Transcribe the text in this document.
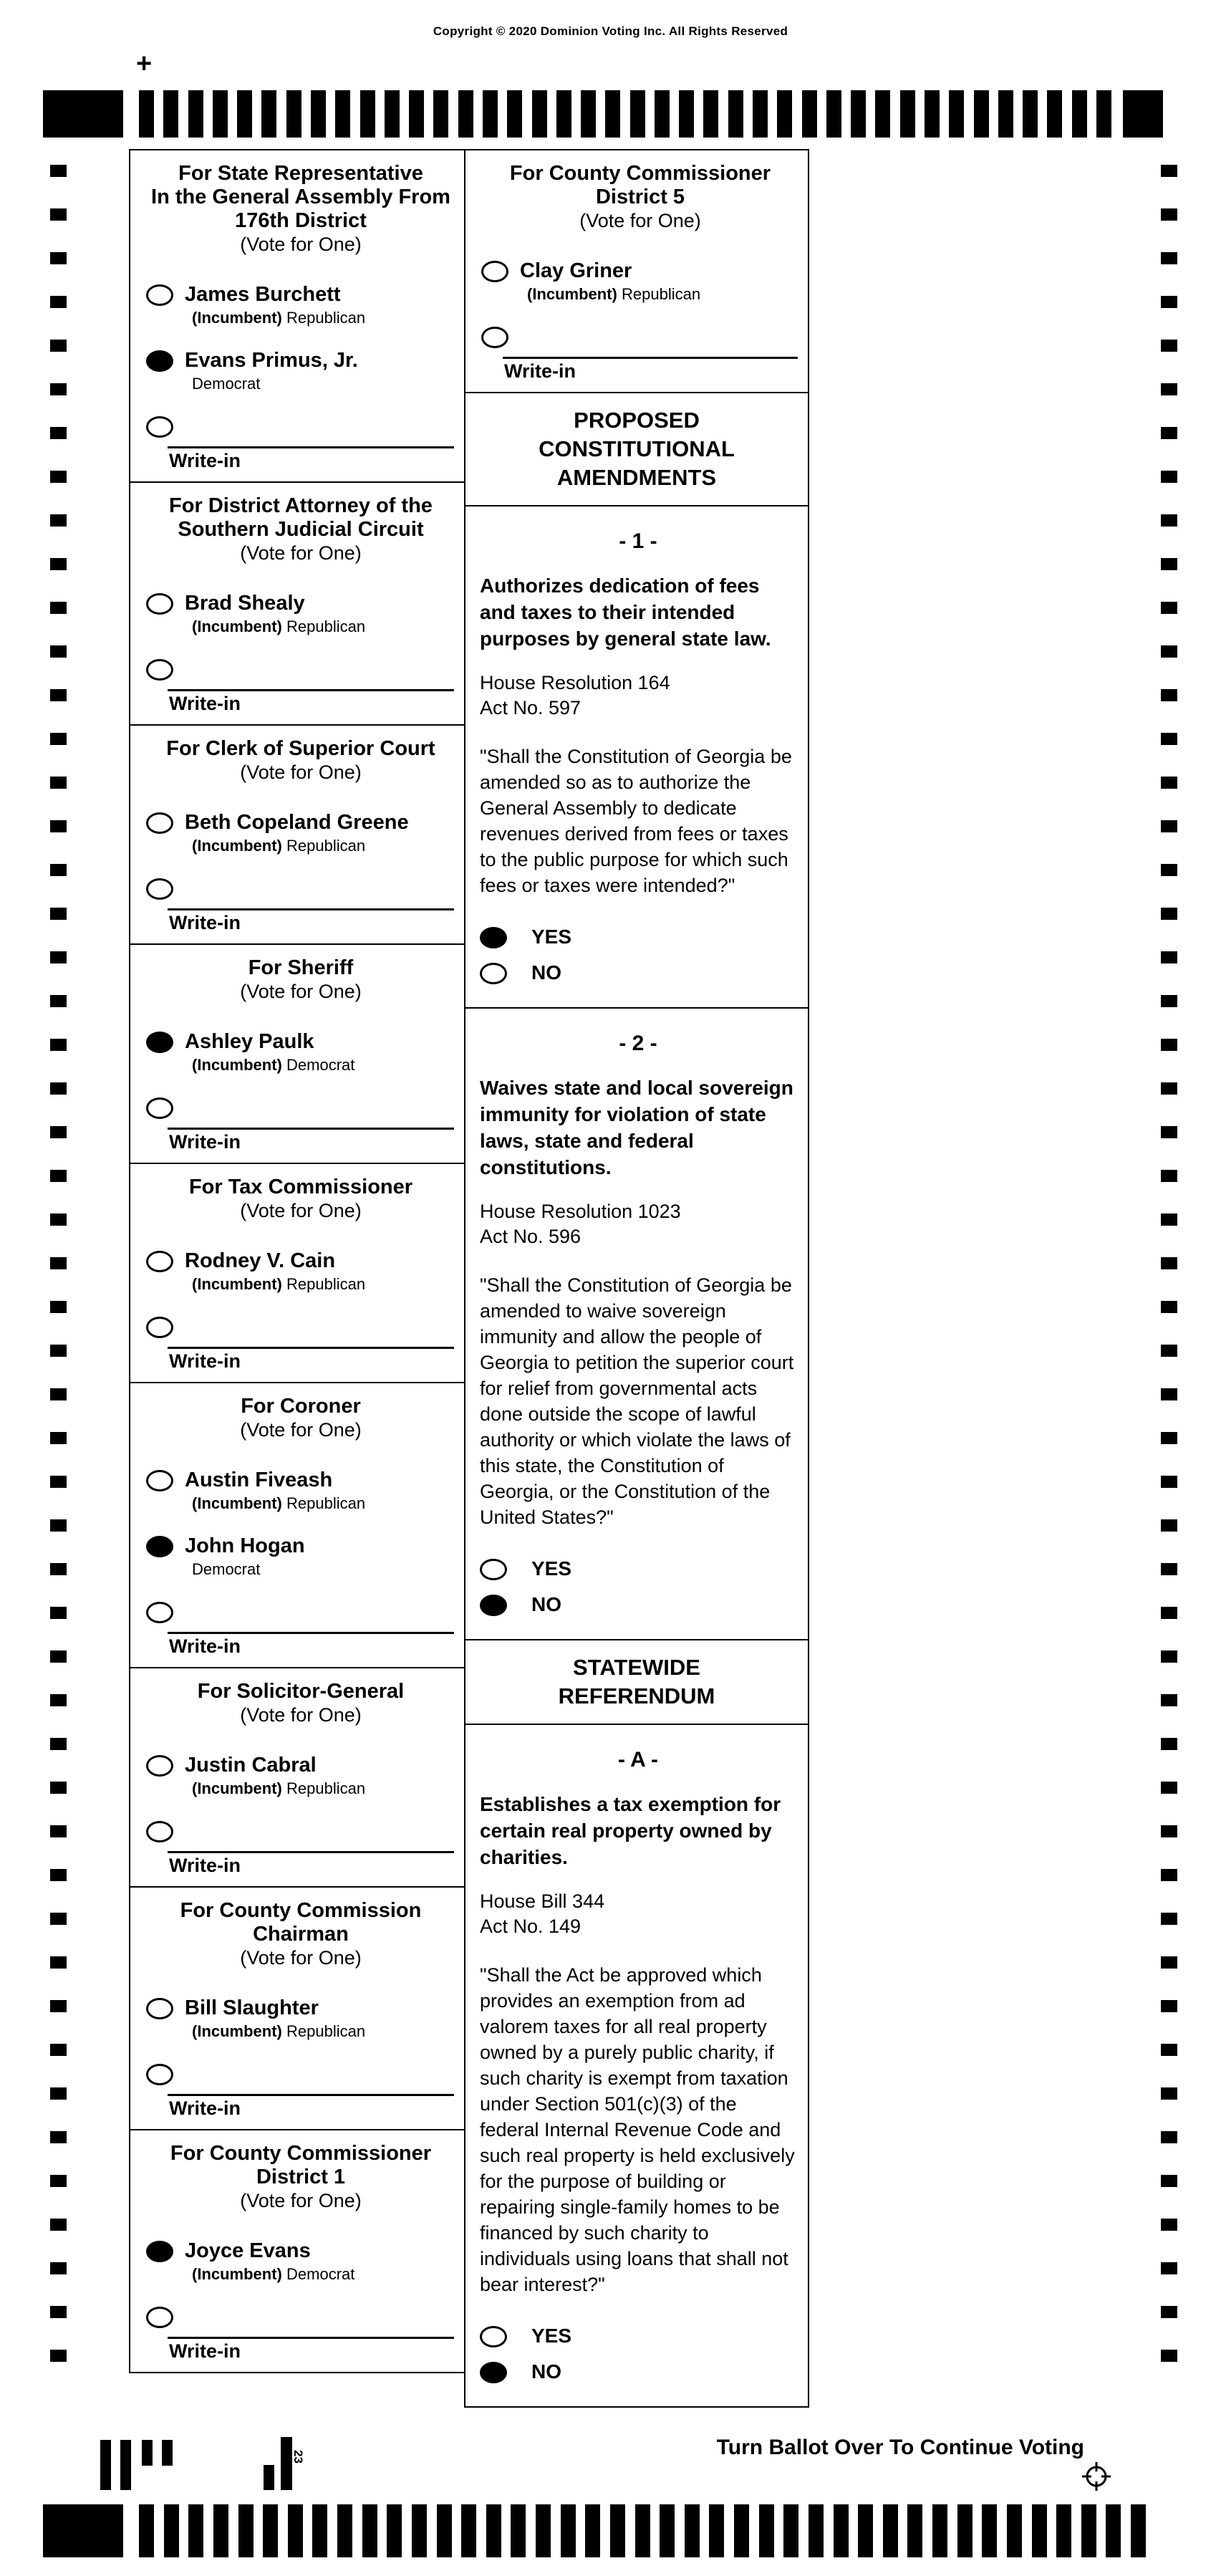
Copyright © 2020 Dominion Voting Inc. All Rights Reserved
+
For State Representative
In the General Assembly From
176th District
(Vote for One)
James Burchett
(Incumbent) Republican
Evans Primus, Jr.
Democrat
Write-in
For District Attorney of the
Southern Judicial Circuit
(Vote for One)
Brad Shealy
(Incumbent) Republican
Write-in
For Clerk of Superior Court
(Vote for One)
Beth Copeland Greene
(Incumbent) Republican
Write-in
For Sheriff
(Vote for One)
Ashley Paulk
(Incumbent) Democrat
Write-in
For Tax Commissioner
(Vote for One)
Rodney V. Cain
(Incumbent) Republican
Write-in
For Coroner
(Vote for One)
Austin Fiveash
(Incumbent) Republican
John Hogan
Democrat
Write-in
For Solicitor-General
(Vote for One)
Justin Cabral
(Incumbent) Republican
Write-in
For County Commission
Chairman
(Vote for One)
Bill Slaughter
(Incumbent) Republican
Write-in
For County Commissioner
District 1
(Vote for One)
Joyce Evans
(Incumbent) Democrat
Write-in
For County Commissioner
District 5
(Vote for One)
Clay Griner
(Incumbent) Republican
Write-in
PROPOSED
CONSTITUTIONAL
AMENDMENTS
- 1 -
Authorizes dedication of fees and taxes to their intended purposes by general state law.
House Resolution 164
Act No. 597
"Shall the Constitution of Georgia be amended so as to authorize the General Assembly to dedicate revenues derived from fees or taxes to the public purpose for which such fees or taxes were intended?"
YES
NO
- 2 -
Waives state and local sovereign immunity for violation of state laws, state and federal constitutions.
House Resolution 1023
Act No. 596
"Shall the Constitution of Georgia be amended to waive sovereign immunity and allow the people of Georgia to petition the superior court for relief from governmental acts done outside the scope of lawful authority or which violate the laws of this state, the Constitution of Georgia, or the Constitution of the United States?"
YES
NO
STATEWIDE
REFERENDUM
- A -
Establishes a tax exemption for certain real property owned by charities.
House Bill 344
Act No. 149
"Shall the Act be approved which provides an exemption from ad valorem taxes for all real property owned by a purely public charity, if such charity is exempt from taxation under Section 501(c)(3) of the federal Internal Revenue Code and such real property is held exclusively for the purpose of building or repairing single-family homes to be financed by such charity to individuals using loans that shall not bear interest?"
YES
NO
23	Turn Ballot Over To Continue Voting
